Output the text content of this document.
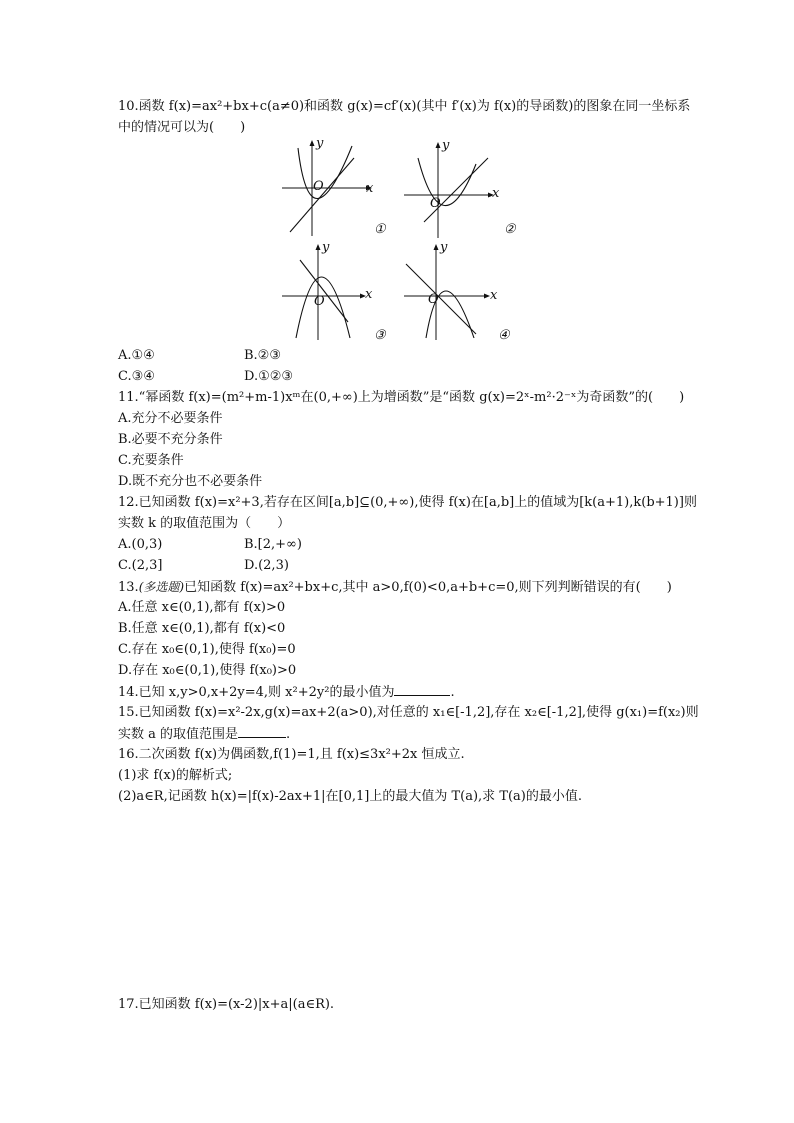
10.函数 f(x)=ax²+bx+c(a≠0)和函数 g(x)=cf′(x)(其中 f′(x)为 f(x)的导函数)的图象在同一坐标系
中的情况可以为(　　)
x
y
O
①
x
y
O
②
x
y
O
③
x
y
O
④
A.①④	B.②③
C.③④	D.①②③
11.“幂函数 f(x)=(m²+m-1)xᵐ在(0,+∞)上为增函数”是“函数 g(x)=2ˣ-m²·2⁻ˣ为奇函数”的(　　)
A.充分不必要条件
B.必要不充分条件
C.充要条件
D.既不充分也不必要条件
12.已知函数 f(x)=x²+3,若存在区间[a,b]⊆(0,+∞),使得 f(x)在[a,b]上的值域为[k(a+1),k(b+1)]则
实数 k 的取值范围为（　　）
A.(0,3)	B.[2,+∞)
C.(2,3]	D.(2,3)
13.(多选题)已知函数 f(x)=ax²+bx+c,其中 a>0,f(0)<0,a+b+c=0,则下列判断错误的有(　　)
A.任意 x∈(0,1),都有 f(x)>0
B.任意 x∈(0,1),都有 f(x)<0
C.存在 x₀∈(0,1),使得 f(x₀)=0
D.存在 x₀∈(0,1),使得 f(x₀)>0
14.已知 x,y>0,x+2y=4,则 x²+2y²的最小值为	.
15.已知函数 f(x)=x²-2x,g(x)=ax+2(a>0),对任意的 x₁∈[-1,2],存在 x₂∈[-1,2],使得 g(x₁)=f(x₂)则
实数 a 的取值范围是	.
16.二次函数 f(x)为偶函数,f(1)=1,且 f(x)≤3x²+2x 恒成立.
(1)求 f(x)的解析式;
(2)a∈R,记函数 h(x)=|f(x)-2ax+1|在[0,1]上的最大值为 T(a),求 T(a)的最小值.
17.已知函数 f(x)=(x-2)|x+a|(a∈R).
